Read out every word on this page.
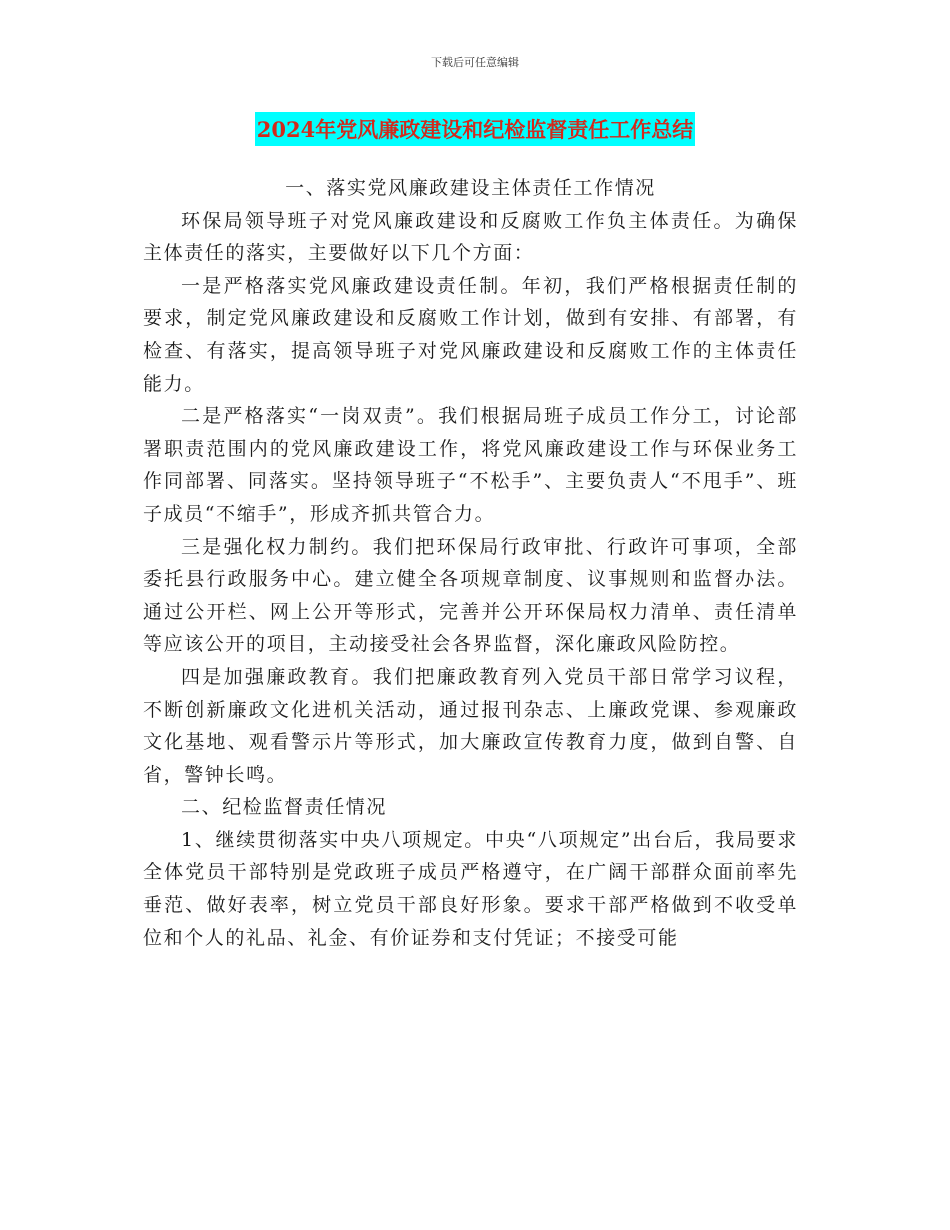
下载后可任意编辑
2024年党风廉政建设和纪检监督责任工作总结

一、落实党风廉政建设主体责任工作情况

环保局领导班子对党风廉政建设和反腐败工作负主体责任。为确保主体责任的落实，主要做好以下几个方面：

一是严格落实党风廉政建设责任制。年初，我们严格根据责任制的要求，制定党风廉政建设和反腐败工作计划，做到有安排、有部署，有检查、有落实，提高领导班子对党风廉政建设和反腐败工作的主体责任能力。

二是严格落实“一岗双责”。我们根据局班子成员工作分工，讨论部署职责范围内的党风廉政建设工作，将党风廉政建设工作与环保业务工作同部署、同落实。坚持领导班子“不松手”、主要负责人“不甩手”、班子成员“不缩手”，形成齐抓共管合力。

三是强化权力制约。我们把环保局行政审批、行政许可事项，全部委托县行政服务中心。建立健全各项规章制度、议事规则和监督办法。通过公开栏、网上公开等形式，完善并公开环保局权力清单、责任清单等应该公开的项目，主动接受社会各界监督，深化廉政风险防控。

四是加强廉政教育。我们把廉政教育列入党员干部日常学习议程，不断创新廉政文化进机关活动，通过报刊杂志、上廉政党课、参观廉政文化基地、观看警示片等形式，加大廉政宣传教育力度，做到自警、自省，警钟长鸣。

二、纪检监督责任情况

1、继续贯彻落实中央八项规定。中央“八项规定”出台后，我局要求全体党员干部特别是党政班子成员严格遵守，在广阔干部群众面前率先垂范、做好表率，树立党员干部良好形象。要求干部严格做到不收受单位和个人的礼品、礼金、有价证券和支付凭证；不接受可能
